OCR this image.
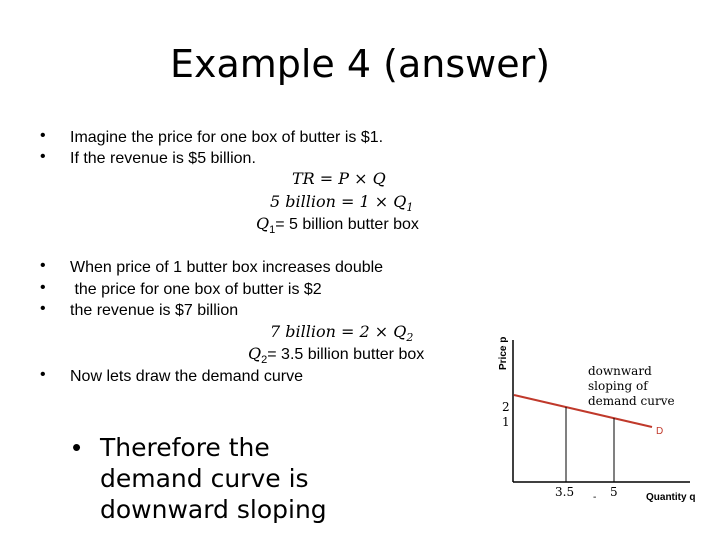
Example 4 (answer)
• Imagine the price for one box of butter is $1.
• If the revenue is $5 billion.
TR = P × Q
5 billion = $1 \times Q_1$
$Q_1= 5$ billion butter box
• When price of 1 butter box increases double
• the price for one box of butter is $2
• the revenue is $7 billion
7 billion = $2 \times Q_2$
$Q_2= 3.5$ billion butter box
• Now lets draw the demand curve
• Therefore the demand curve is downward sloping
Price p
Quantity q
downward
sloping of
demand curve
D
2
1
3.5 - 5
